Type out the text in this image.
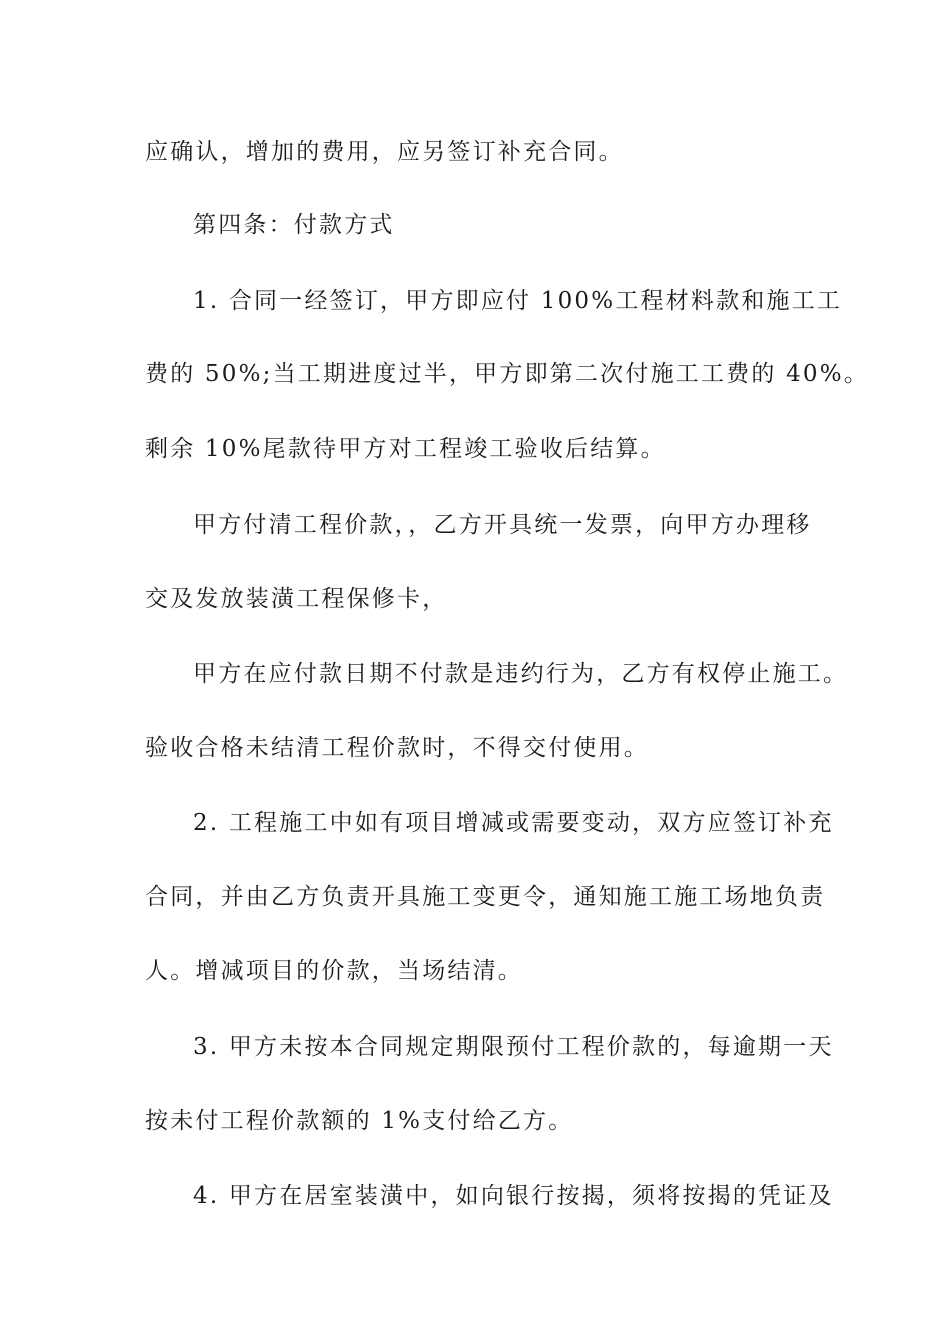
应确认，增加的费用，应另签订补充合同。
第四条：付款方式
1. 合同一经签订，甲方即应付 100%工程材料款和施工工
费的 50%;当工期进度过半，甲方即第二次付施工工费的 40%。
剩余 10%尾款待甲方对工程竣工验收后结算。
甲方付清工程价款，，乙方开具统一发票，向甲方办理移
交及发放装潢工程保修卡，
甲方在应付款日期不付款是违约行为，乙方有权停止施工。
验收合格未结清工程价款时，不得交付使用。
2. 工程施工中如有项目增减或需要变动，双方应签订补充
合同，并由乙方负责开具施工变更令，通知施工施工场地负责
人。增减项目的价款，当场结清。
3. 甲方未按本合同规定期限预付工程价款的，每逾期一天
按未付工程价款额的 1%支付给乙方。
4. 甲方在居室装潢中，如向银行按揭，须将按揭的凭证及
